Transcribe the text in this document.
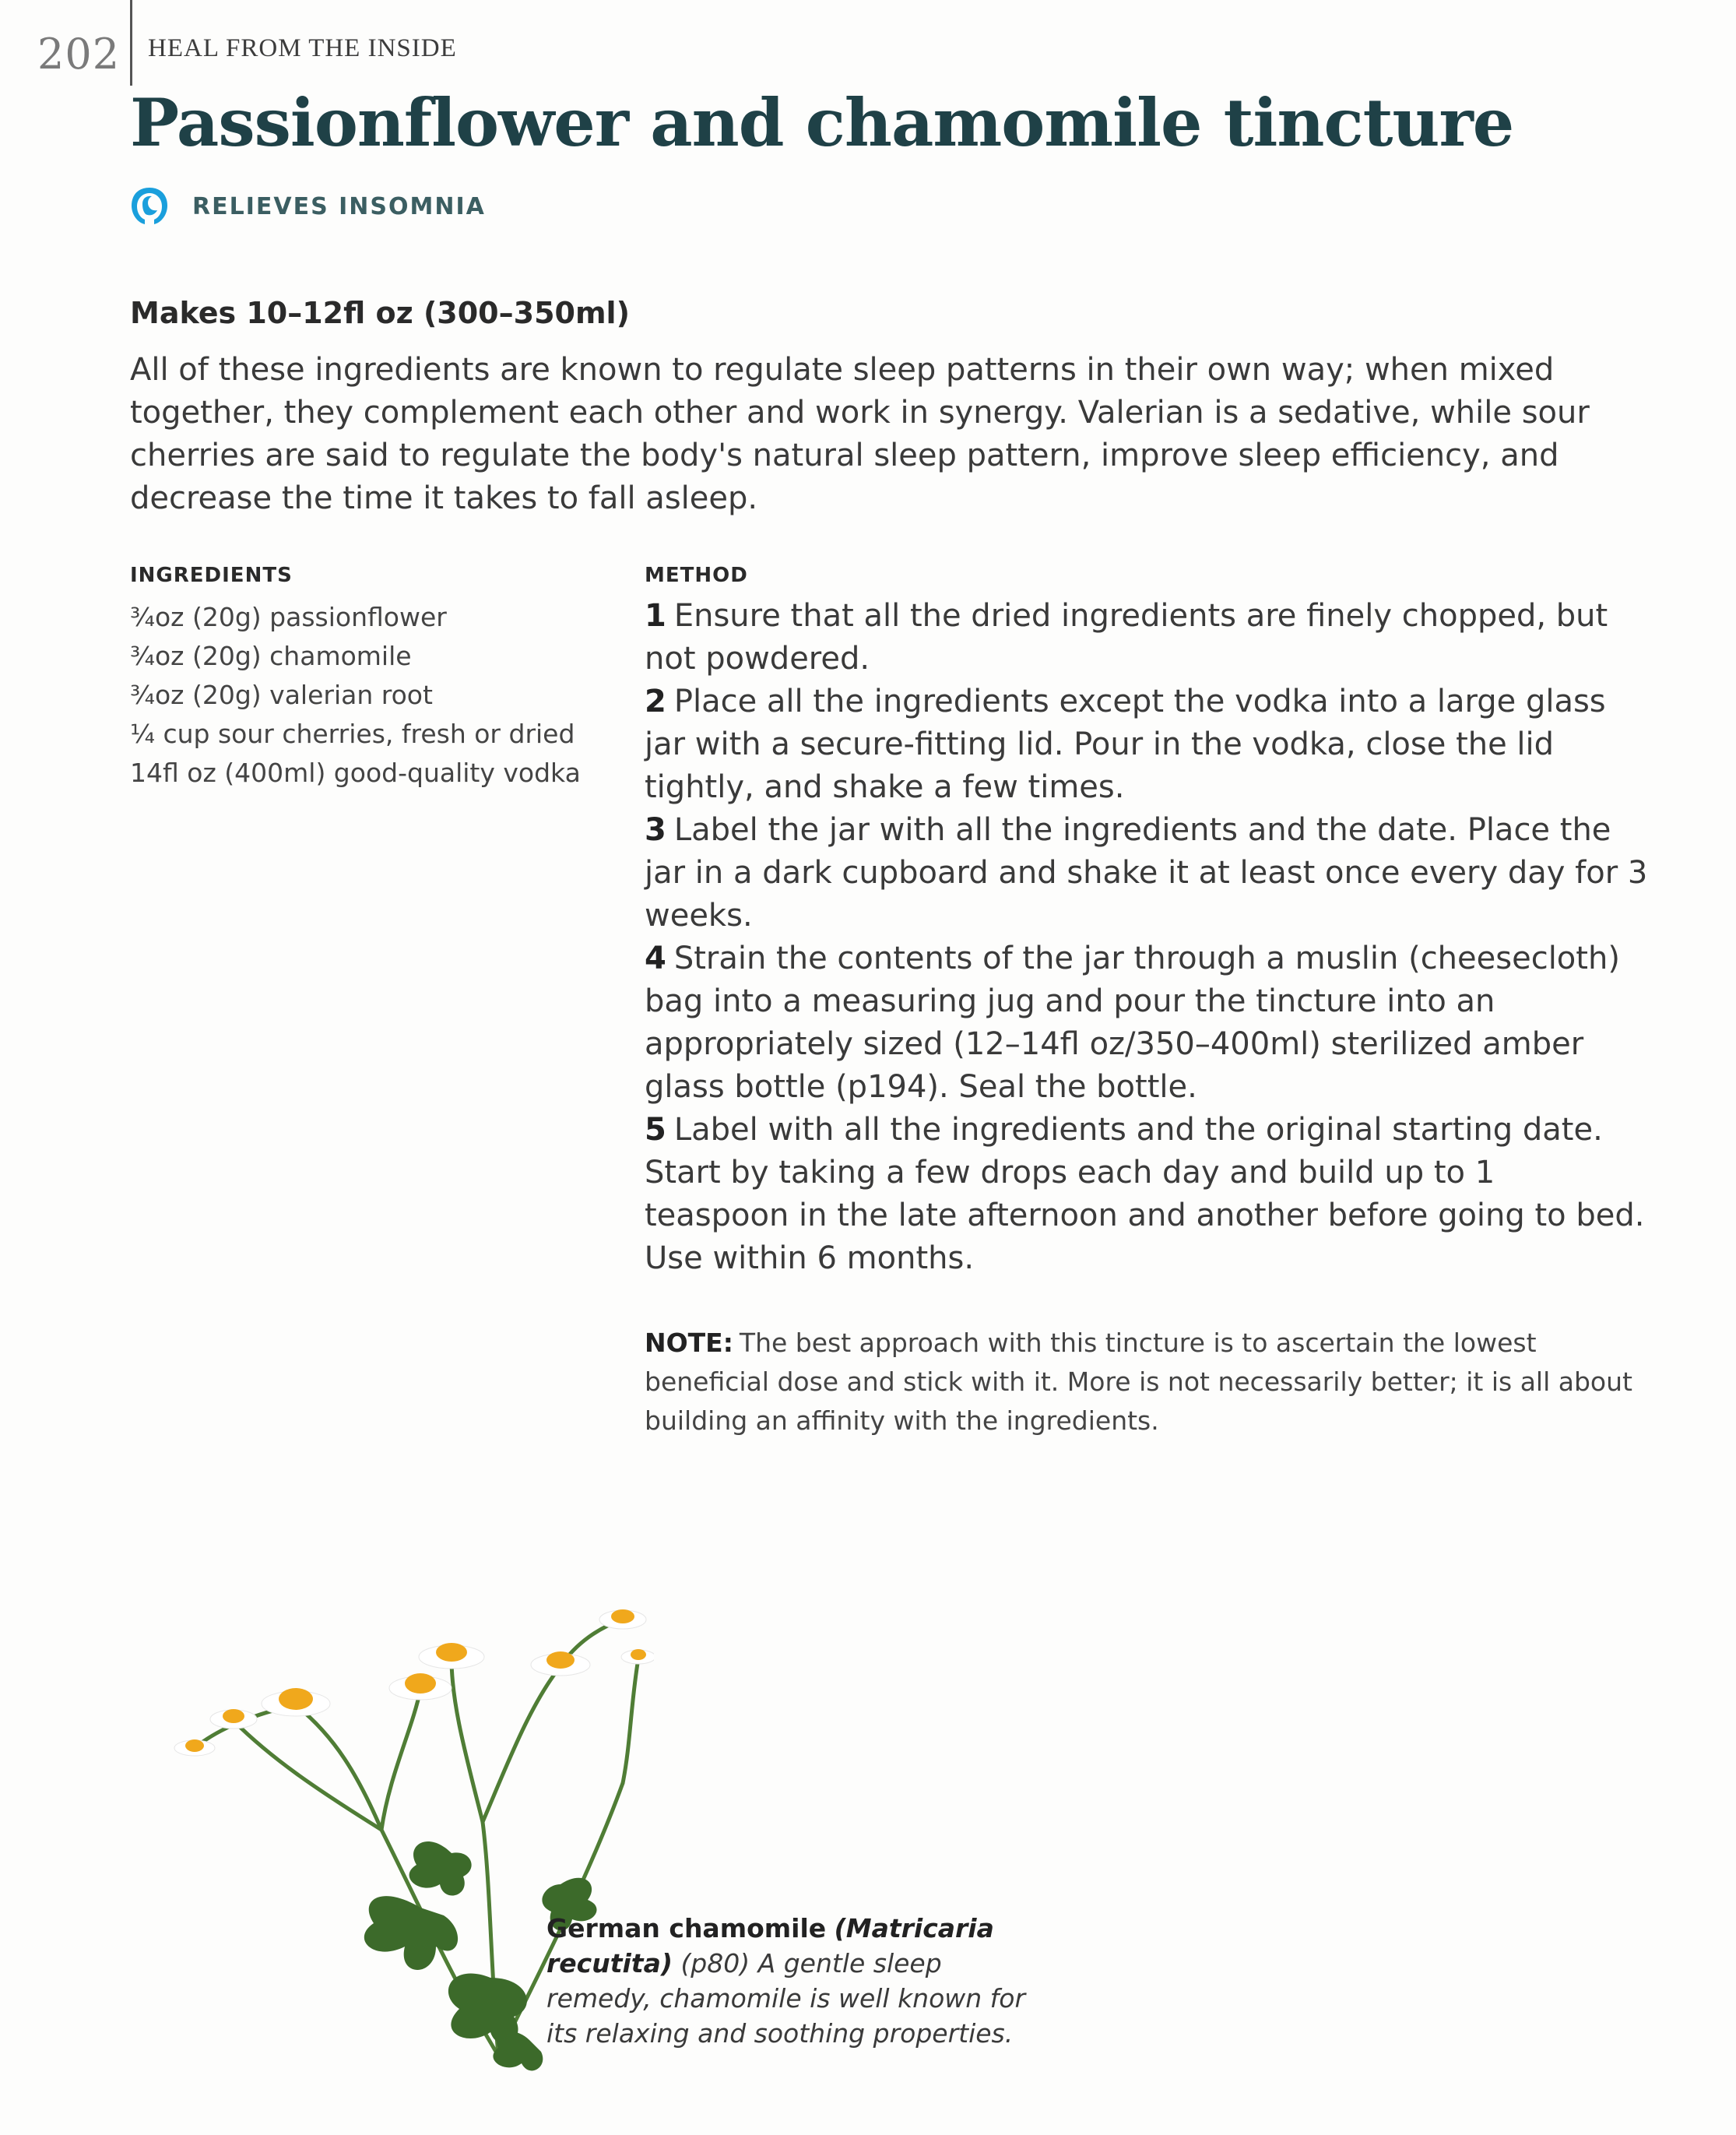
202 HEAL FROM THE INSIDE
Passionflower and chamomile tincture
RELIEVES INSOMNIA
Makes 10–12fl oz (300–350ml)

All of these ingredients are known to regulate sleep patterns in their own way; when mixed together, they complement each other and work in synergy. Valerian is a sedative, while sour cherries are said to regulate the body's natural sleep pattern, improve sleep efficiency, and decrease the time it takes to fall asleep.

INGREDIENTS
¾oz (20g) passionflower
¾oz (20g) chamomile
¾oz (20g) valerian root
¼ cup sour cherries, fresh or dried
14fl oz (400ml) good-quality vodka
METHOD
1 Ensure that all the dried ingredients are finely chopped, but not powdered.
2 Place all the ingredients except the vodka into a large glass jar with a secure-fitting lid. Pour in the vodka, close the lid tightly, and shake a few times.
3 Label the jar with all the ingredients and the date. Place the jar in a dark cupboard and shake it at least once every day for 3 weeks.
4 Strain the contents of the jar through a muslin (cheesecloth) bag into a measuring jug and pour the tincture into an appropriately sized (12–14fl oz/350–400ml) sterilized amber glass bottle (p194). Seal the bottle.
5 Label with all the ingredients and the original starting date. Start by taking a few drops each day and build up to 1 teaspoon in the late afternoon and another before going to bed. Use within 6 months.

NOTE: The best approach with this tincture is to ascertain the lowest beneficial dose and stick with it. More is not necessarily better; it is all about building an affinity with the ingredients.

German chamomile (Matricaria recutita) (p80) A gentle sleep remedy, chamomile is well known for its relaxing and soothing properties.
